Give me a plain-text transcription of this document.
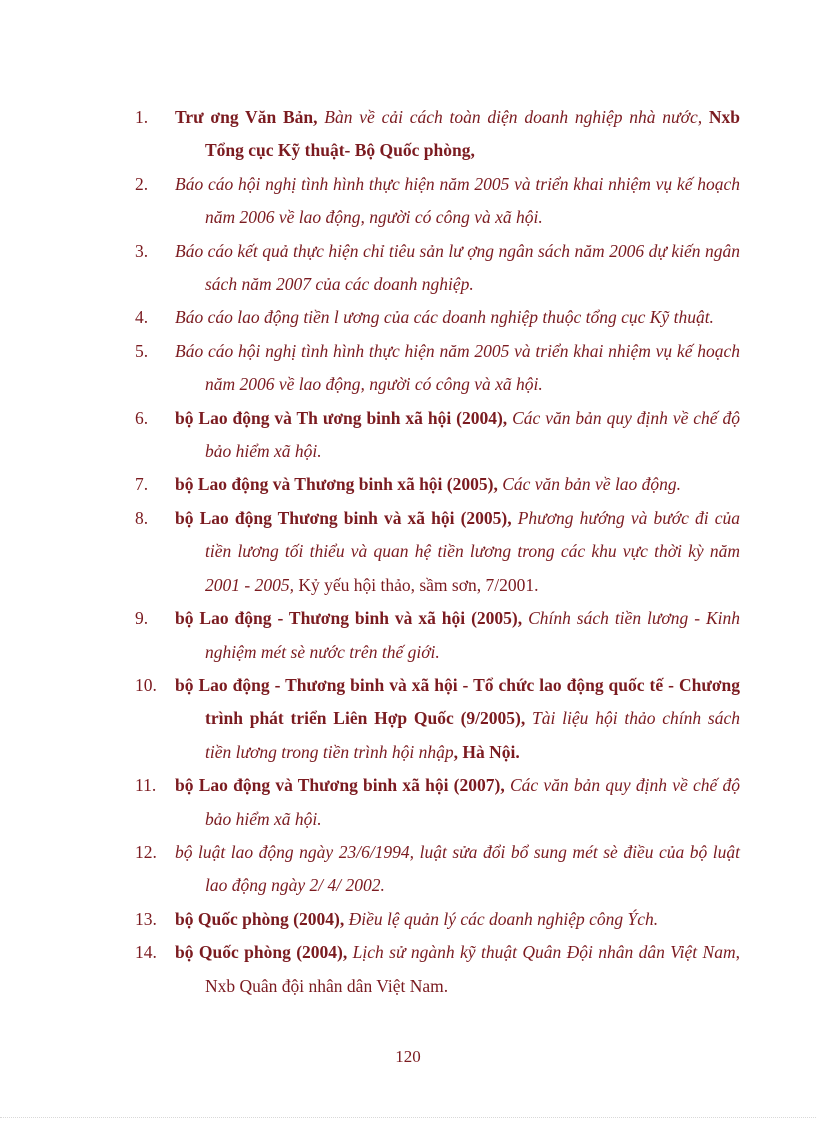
1. Trư ơng Văn Bản, Bàn về cải cách toàn diện doanh nghiệp nhà nước, Nxb Tổng cục Kỹ thuật- Bộ Quốc phòng,
2. Báo cáo hội nghị tình hình thực hiện năm 2005 và triển khai nhiệm vụ kế hoạch năm 2006 về lao động, người có công và xã hội.
3. Báo cáo kết quả thực hiện chỉ tiêu sản lư ợng ngân sách năm 2006 dự kiến ngân sách năm 2007 của các doanh nghiệp.
4. Báo cáo lao động tiền l ương của các doanh nghiệp thuộc tổng cục Kỹ thuật.
5. Báo cáo hội nghị tình hình thực hiện năm 2005 và triển khai nhiệm vụ kế hoạch năm 2006 về lao động, người có công và xã hội.
6. bộ Lao động và Th ương binh xã hội (2004), Các văn bản quy định về chế độ bảo hiểm xã hội.
7. bộ Lao động và Thương binh xã hội (2005), Các văn bản về lao động.
8. bộ Lao động Thương binh và xã hội (2005), Phương hướng và bước đi của tiền lương tối thiểu và quan hệ tiền lương trong các khu vực thời kỳ năm 2001 - 2005, Kỷ yếu hội thảo, sầm sơn, 7/2001.
9. bộ Lao động - Thương binh và xã hội (2005), Chính sách tiền lương - Kinh nghiệm mét sè nước trên thế giới.
10. bộ Lao động - Thương binh và xã hội - Tổ chức lao động quốc tế - Chương trình phát triển Liên Hợp Quốc (9/2005), Tài liệu hội thảo chính sách tiền lương trong tiền trình hội nhập, Hà Nội.
11. bộ Lao động và Thương binh xã hội (2007), Các văn bản quy định về chế độ bảo hiểm xã hội.
12. bộ luật lao động ngày 23/6/1994, luật sửa đổi bổ sung mét sè điều của bộ luật lao động ngày 2/ 4/ 2002.
13. bộ Quốc phòng (2004), Điều lệ quản lý các doanh nghiệp công Ých.
14. bộ Quốc phòng (2004), Lịch sử ngành kỹ thuật Quân Đội nhân dân Việt Nam, Nxb Quân đội nhân dân Việt Nam.
120
